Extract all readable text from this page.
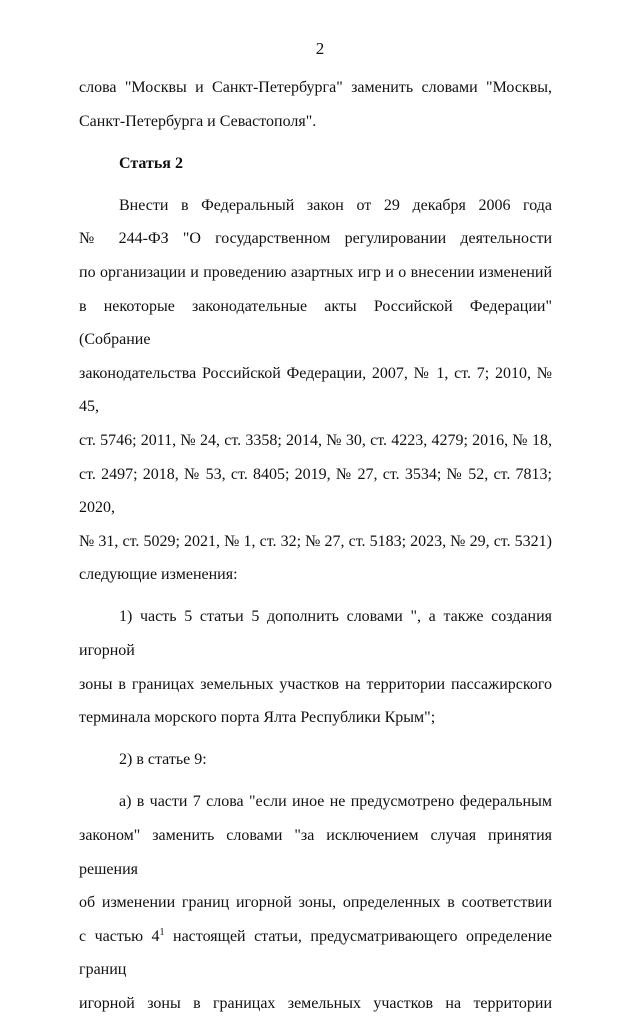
2

слова "Москвы и Санкт-Петербурга" заменить словами "Москвы,

Санкт-Петербурга и Севастополя".

Статья 2

Внести в Федеральный закон от 29 декабря 2006 года

№ 244-ФЗ "О государственном регулировании деятельности

по организации и проведению азартных игр и о внесении изменений

в некоторые законодательные акты Российской Федерации" (Собрание

законодательства Российской Федерации, 2007, № 1, ст. 7; 2010, № 45,

ст. 5746; 2011, № 24, ст. 3358; 2014, № 30, ст. 4223, 4279; 2016, № 18,

ст. 2497; 2018, № 53, ст. 8405; 2019, № 27, ст. 3534; № 52, ст. 7813; 2020,

№ 31, ст. 5029; 2021, № 1, ст. 32; № 27, ст. 5183; 2023, № 29, ст. 5321)

следующие изменения:

1) часть 5 статьи 5 дополнить словами ", а также создания игорной

зоны в границах земельных участков на территории пассажирского

терминала морского порта Ялта Республики Крым";

2) в статье 9:

а) в части 7 слова "если иное не предусмотрено федеральным

законом" заменить словами "за исключением случая принятия решения

об изменении границ игорной зоны, определенных в соответствии

с частью $4^1$ настоящей статьи, предусматривающего определение границ

игорной зоны в границах земельных участков на территории
